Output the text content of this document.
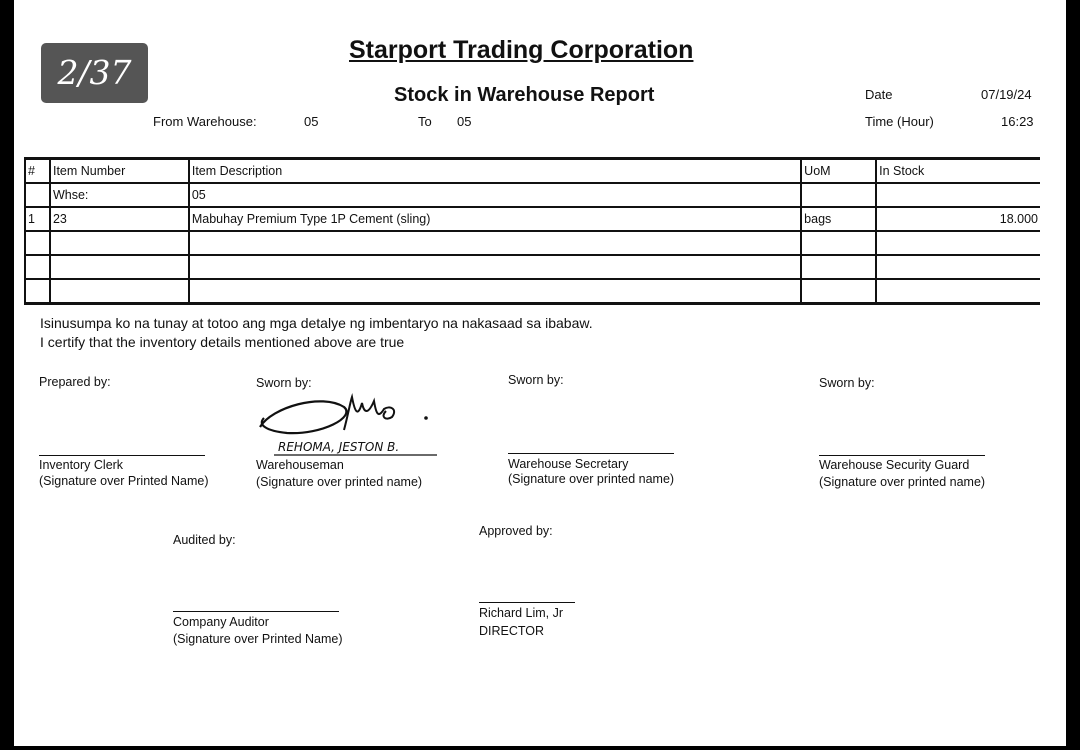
2/37
Starport Trading Corporation
Stock in Warehouse Report
From Warehouse:	05	To 05
Date	07/19/24
Time (Hour)	16:23
#	Item Number	Item Description	UoM	In Stock
	Whse:	05		
1	23	Mabuhay Premium Type 1P Cement (sling)	bags	18.000

Isinusumpa ko na tunay at totoo ang mga detalye ng imbentaryo na nakasaad sa ibabaw.
I certify that the inventory details mentioned above are true
Prepared by:
Inventory Clerk
(Signature over Printed Name)
Sworn by:
REHOMA, JESTON B.
Warehouseman
(Signature over printed name)
Sworn by:
Warehouse Secretary
(Signature over printed name)
Sworn by:
Warehouse Security Guard
(Signature over printed name)
Audited by:
Company Auditor
(Signature over Printed Name)
Approved by:
Richard Lim, Jr
DIRECTOR
